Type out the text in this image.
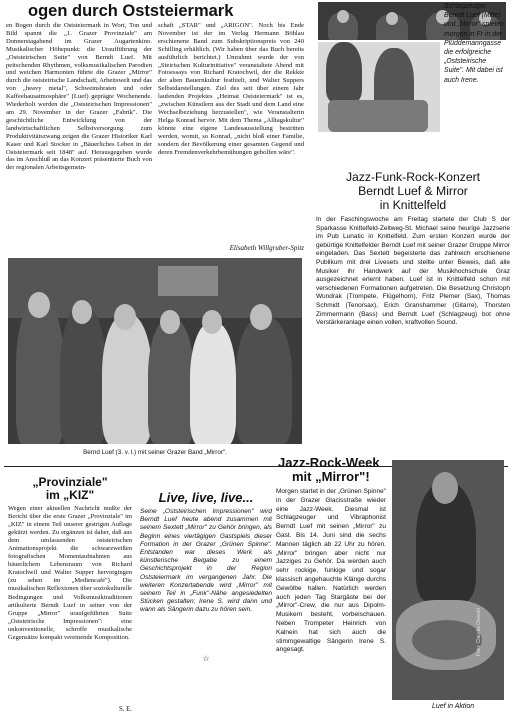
ogen durch Oststeiermark
en Bogen durch die Oststeiermark in Wort, Ton und Bild spannt die „1. Grazer Provinziale" am Donnerstagabend im Grazer Augartenkino. Musikalischer Höhepunkt: die Uraufführung der „Oststeirischen Suite" von Berndt Luef. Mit peitschenden Rhythmen, volksmusikalischen Parodien und weichen Harmonien führte die Grazer „Mirror" durch die oststeirische Landschaft, Arbeitswelt und das von „heavy metal", Schweinsbraten und oder Kaffeehausatmosphäre" (Luef) geprägte Wochenende. Wiederholt werden die „Oststeirischen Impressionen" am 29. November in der Grazer „Fabrik". Die geschichtliche Entwicklung von der landwirtschaftlichen Selbstversorgung zum Produktivitätszwang zeigen die Grazer Historiker Karl Kaser und Karl Stocker in „Bäuerliches Leben in der Oststeiermark seit 1848" auf. Herausgegeben wurde das im Anschluß an das Konzert präsentierte Buch von der regionalen Arbeitsgemein-
schaft „STAR" und „ARIGON". Noch bis Ende November ist der im Verlag Hermann Böhlau erschienene Band zum Subskriptionspreis von 240 Schilling erhältlich. (Wir haben über das Buch bereits ausführlich berichtet.) Umrahmt wurde der von „Steirischen Kulturinitiative" veranstaltete Abend mit Fotoessays von Richard Kratochwil, der die Rekkte der alten Bauernkultur festhielt, und Walter Suppers Selbstdarstellungen. Ziel des seit über einem Jahr laufenden Projektes „Heimat Oststeiermark" ist es, „zwischen Künstlern aus der Stadt und dem Land eine Wechselbeziehung herzustellen", wie Veranstalterin Helga Konrad hervor. Mit dem Thema „Alltagskultur" könnte eine eigene Landesausstellung bestritten werden, womit, so Konrad, „nicht bloß einer Familie, sondern der Bevölkerung einer gesamten Gegend und deren Fremdenverkehrbemühungen geholfen wäre".
Elisabeth Willgruber-Spitz
Schlagzeuger Berndt Luef (Mitte) und „Mirror" spielen morgen in Fr in der Plüddemanngasse die erfolgreiche „Oststeirische Suite". Mit dabei ist auch Irene.
Jazz-Funk-Rock-Konzert
Berndt Luef & Mirror
in Knittelfeld
In der Faschingswoche am Freitag startete der Club S der Sparkasse Knittelfeld-Zeltweg-St. Michael seine heurige Jazzserie im Pub Lunatic in Knittelfeld. Zum ersten Konzert wurde der gebürtige Knittelfelder Berndt Luef mit seiner Grazer Gruppe Mirror eingeladen. Das Sextett begeisterte das zahlreich erschienene Publikum mit drei Livesets und stellte unter Beweis, daß alle Musiker ihr Handwerk auf der Musikhochschule Graz ausgezeichnet erlernt haben. Luef ist in Knittelfeld schon mit verschiedenen Formationen aufgetreten. Die Besetzung Christoph Wundrak (Trompete, Flügelhorn), Fritz Plemer (Sax), Thomas Schmidt (Tenorsax), Erich Granshammer (Gitarre), Thorsten Zimmermann (Bass) und Berndt Luef (Schlagzeug) bot ohne Verstärkeranlage einen vollen, kraftvollen Sound.
Bernd Luef (3. v. l.) mit seiner Grazer Band „Mirror".
„Provinziale"
im „KIZ"
Wegen einer aktuellen Nachricht mußte der Bericht über die erste Grazer „Provinziale" im „KIZ" in einem Teil unserer gestrigen Auflage gekürzt werden. Zu ergänzen ist daher, daß aus dem umfassenden oststeirischen Animationsprojekt die schwarzweißen fotografischen Momentaufnahmen aus bäuerlichem Lebensraum von Richard Kratochwil und Walter Supper hervorgingen (zu sehen im „Mediencafé"). Die musikalischen Reflexionen über soziokulturelle Bedingungen und Volksmusiktraditionen artikulierte Berndt Luef in seiner von der Gruppe „Mirror" uraufgeführten Suite „Oststeirische Impressionen": eine unkonventionelle, schroffe musikalische Gegensätze kompakt vereinende Komposition.
S. E.
Live, live, live...
Seine „Oststeirischen Impressionen" wird Berndt Luef heute abend zusammen mit seinem Sextett „Mirror" zu Gehör bringen, als Beginn eines viertägigen Gastspiels dieser Formation in der Grazer „Grünen Spinne". Entstanden war dieses Werk als künstlerische Beigabe zu einem Geschichtsprojekt in der Region Oststeiermark im vergangenen Jahr. Die weiteren Konzertabende wird „Mirror" mit seinem Teil in „Funk"-Nähe angesiedelten Stücken gestalten; Irene S. wird dann und wann als Sängerin dazu zu hören sein.
☆
Jazz-Rock-Week
mit „Mirror"!
Morgen startet in der „Grünen Spinne" in der Grazer Glacisstraße wieder eine Jazz-Week. Diesmal ist Schlagzeuger und Vibraphonist Berndt Luef mit seinen „Mirror" zu Gast. Bis 14. Juni sind die sechs Mannen täglich ab 22 Uhr zu hören. „Mirror" bringen aber nicht nur Jazziges zu Gehör. Da werden auch sehr rockige, funkige und sogar klassisch angehauchte Klänge durchs Gewölbe hallen. Natürlich werden auch jeden Tag Stargäste bei der „Mirror"-Crew, die nur aus Dipolm-Musikern besteht, vorbeischauen. Neben Trompeter Heinrich von Kalnein hat sich auch die stimmgewaltige Sängerin Irene S. angesagt.	Foto: Claudia Oswald
Luef in Aktion
